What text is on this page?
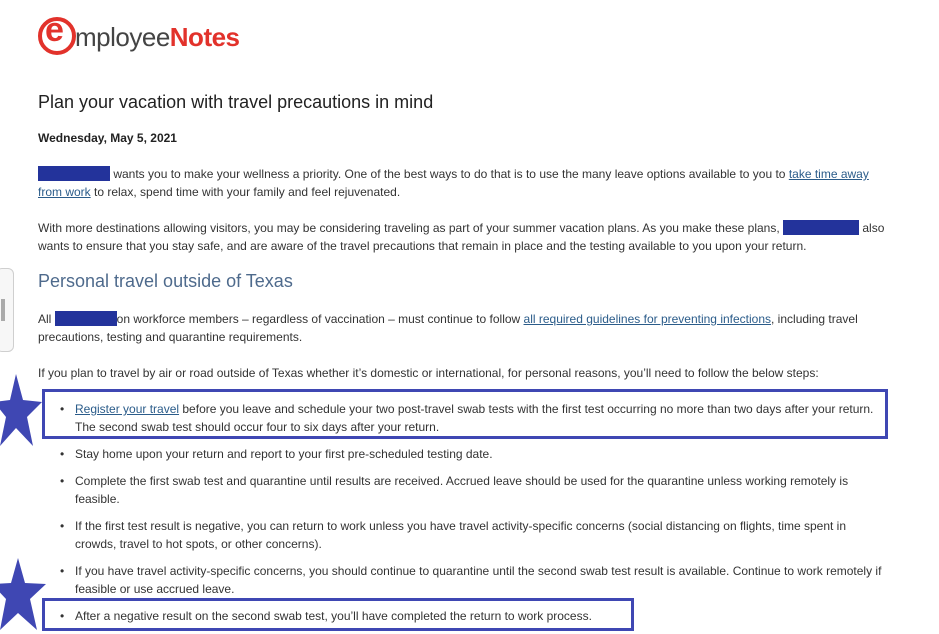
e mployeeNotes
Plan your vacation with travel precautions in mind
Wednesday, May 5, 2021

wants you to make your wellness a priority. One of the best ways to do that is to use the many leave options available to you to take time away from work to relax, spend time with your family and feel rejuvenated.

With more destinations allowing visitors, you may be considering traveling as part of your summer vacation plans. As you make these plans,	also wants to ensure that you stay safe, and are aware of the travel precautions that remain in place and the testing available to you upon your return.

Personal travel outside of Texas

All	on workforce members – regardless of vaccination – must continue to follow all required guidelines for preventing infections, including travel precautions, testing and quarantine requirements.

If you plan to travel by air or road outside of Texas whether it’s domestic or international, for personal reasons, you’ll need to follow the below steps:

• Register your travel before you leave and schedule your two post-travel swab tests with the first test occurring no more than two days after your return. The second swab test should occur four to six days after your return.
• Stay home upon your return and report to your first pre-scheduled testing date.
• Complete the first swab test and quarantine until results are received. Accrued leave should be used for the quarantine unless working remotely is feasible.
• If the first test result is negative, you can return to work unless you have travel activity-specific concerns (social distancing on flights, time spent in crowds, travel to hot spots, or other concerns).
• If you have travel activity-specific concerns, you should continue to quarantine until the second swab test result is available. Continue to work remotely if feasible or use accrued leave.
• After a negative result on the second swab test, you’ll have completed the return to work process.
